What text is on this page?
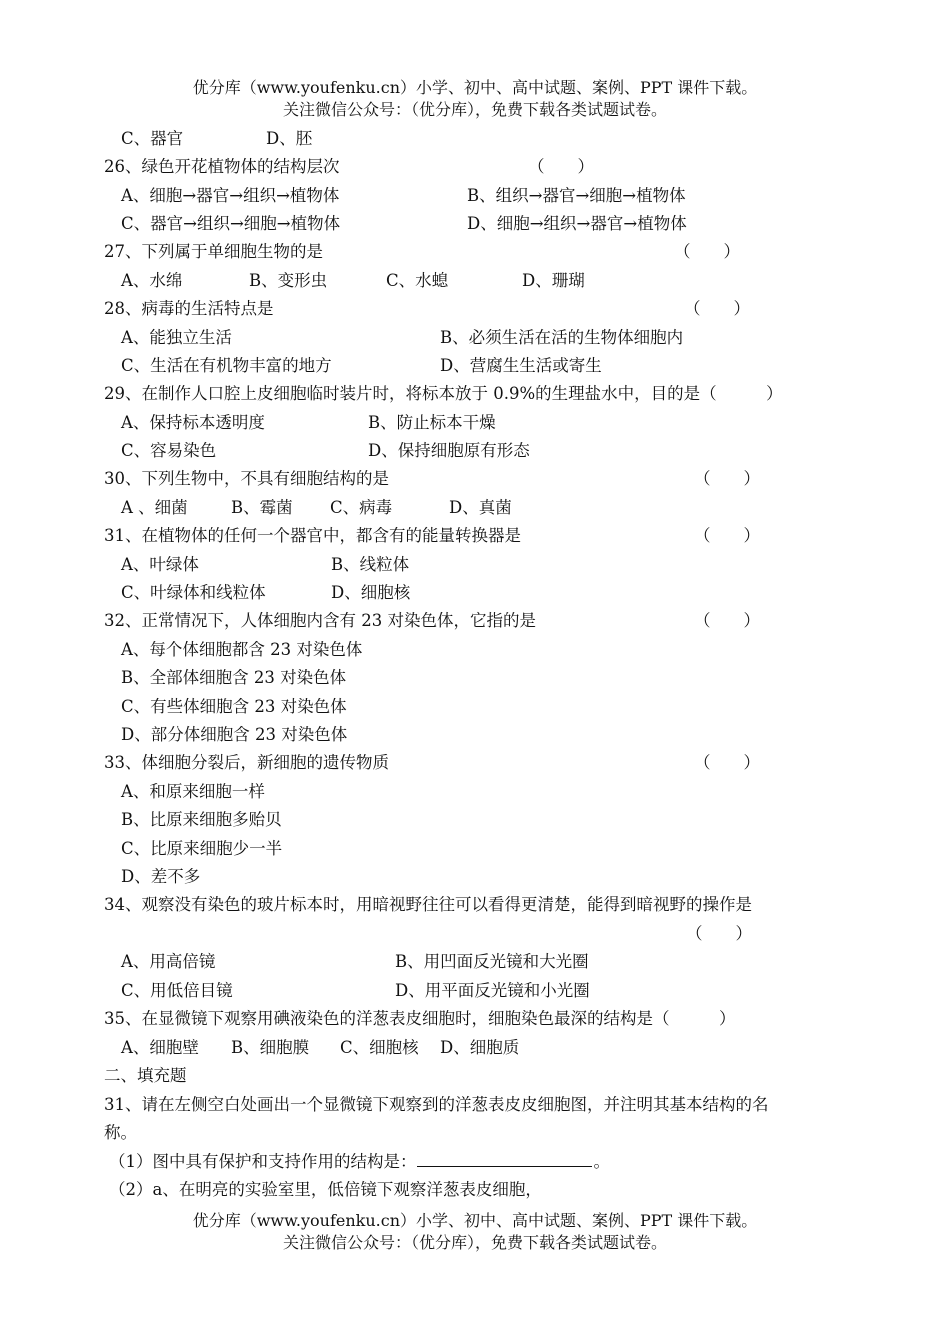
优分库（www.youfenku.cn）小学、初中、高中试题、案例、PPT 课件下载。
关注微信公众号：（优分库），免费下载各类试题试卷。
C、器官	D、胚
26、绿色开花植物体的结构层次	（　　）
A、细胞→器官→组织→植物体	B、组织→器官→细胞→植物体
C、器官→组织→细胞→植物体	D、细胞→组织→器官→植物体
27、下列属于单细胞生物的是	（　　）
A、水绵	B、变形虫	C、水螅	D、珊瑚
28、病毒的生活特点是	（　　）
A、能独立生活	B、必须生活在活的生物体细胞内
C、生活在有机物丰富的地方	D、营腐生生活或寄生
29、在制作人口腔上皮细胞临时装片时，将标本放于 0.9%的生理盐水中，目的是（　　　）
A、保持标本透明度	B、防止标本干燥
C、容易染色	D、保持细胞原有形态
30、下列生物中，不具有细胞结构的是	（　　）
A 、细菌	B、霉菌 C、病毒	D、真菌
31、在植物体的任何一个器官中，都含有的能量转换器是	（　　）
A、叶绿体	B、线粒体
C、叶绿体和线粒体	D、细胞核
32、正常情况下，人体细胞内含有 23 对染色体，它指的是	（　　）
A、每个体细胞都含 23 对染色体
B、全部体细胞含 23 对染色体
C、有些体细胞含 23 对染色体
D、部分体细胞含 23 对染色体
33、体细胞分裂后，新细胞的遗传物质	（　　）
A、和原来细胞一样
B、比原来细胞多贻贝
C、比原来细胞少一半
D、差不多
34、观察没有染色的玻片标本时，用暗视野往往可以看得更清楚，能得到暗视野的操作是
（　　）
A、用高倍镜	B、用凹面反光镜和大光圈
C、用低倍目镜	D、用平面反光镜和小光圈
35、在显微镜下观察用碘液染色的洋葱表皮细胞时，细胞染色最深的结构是（　　　）
A、细胞壁 B、细胞膜 C、细胞核 D、细胞质
二、填充题
31、请在左侧空白处画出一个显微镜下观察到的洋葱表皮皮细胞图，并注明其基本结构的名
称。
（1）图中具有保护和支持作用的结构是：	。
（2）a、在明亮的实验室里，低倍镜下观察洋葱表皮细胞，
优分库（www.youfenku.cn）小学、初中、高中试题、案例、PPT 课件下载。
关注微信公众号：（优分库），免费下载各类试题试卷。
